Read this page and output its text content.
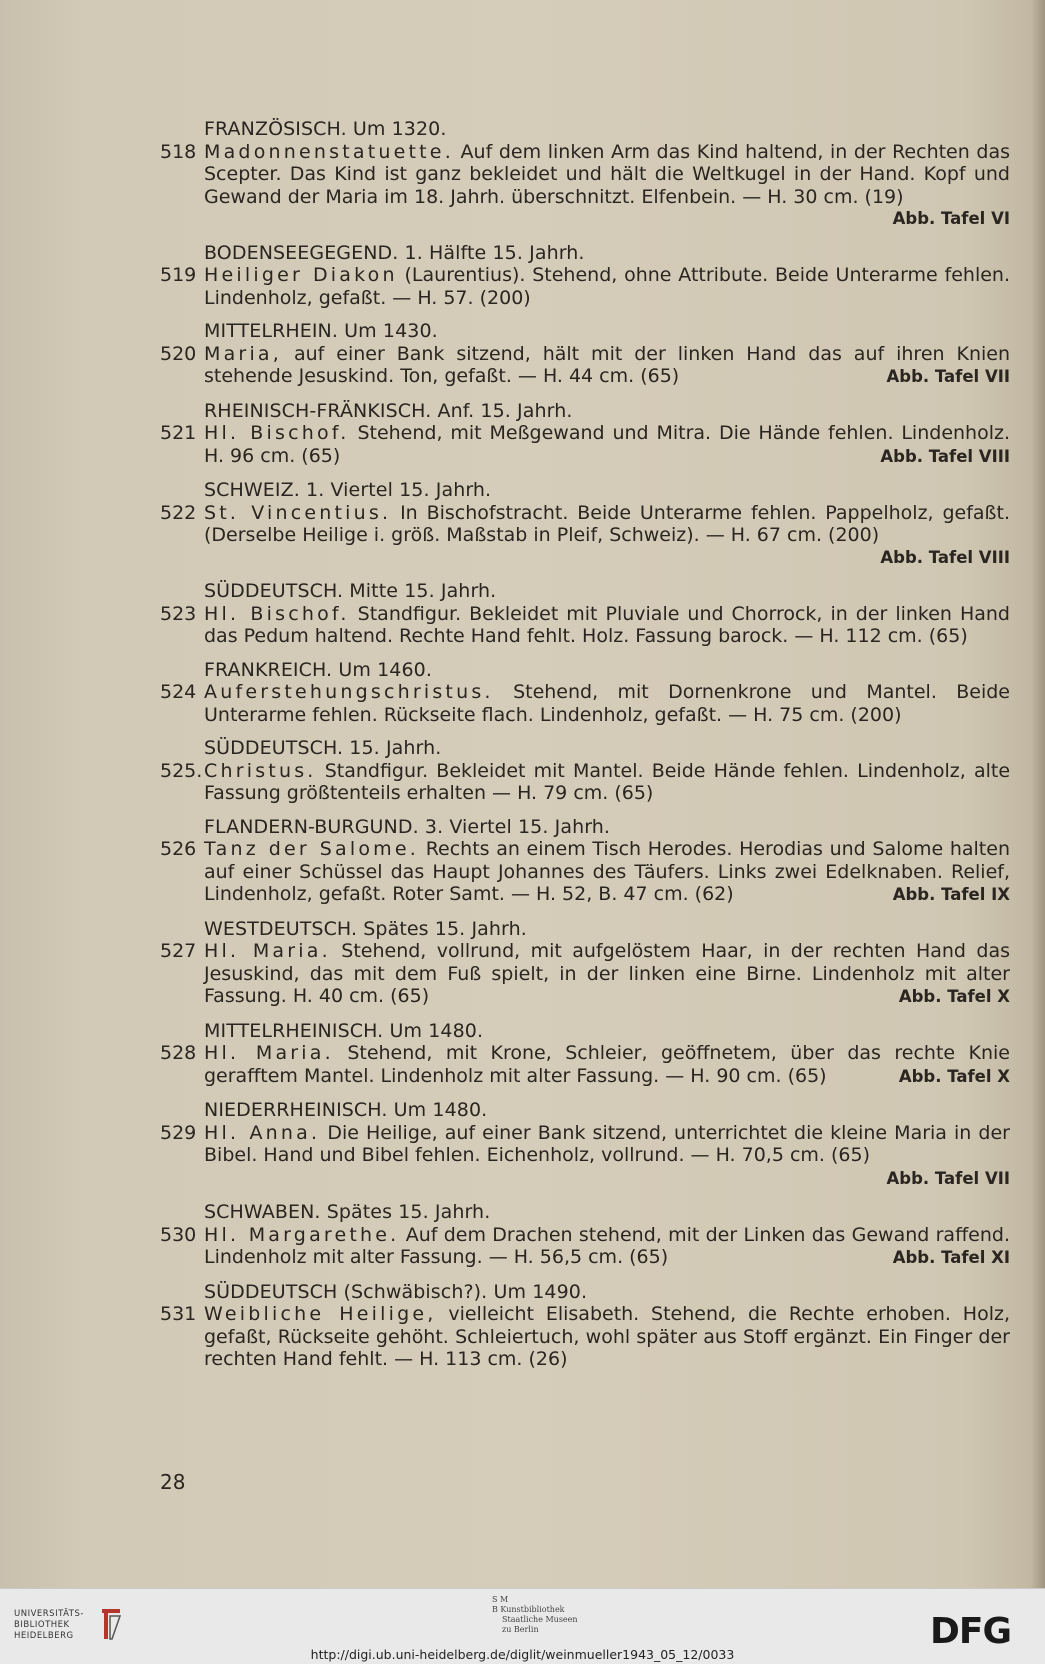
FRANZÖSISCH. Um 1320.
518 Madonnenstatuette. Auf dem linken Arm das Kind haltend, in der Rechten das Scepter. Das Kind ist ganz bekleidet und hält die Weltkugel in der Hand. Kopf und Gewand der Maria im 18. Jahrh. überschnitzt. Elfenbein. — H. 30 cm. (19)
Abb. Tafel VI
BODENSEEGEGEND. 1. Hälfte 15. Jahrh.
519 Heiliger Diakon (Laurentius). Stehend, ohne Attribute. Beide Unterarme fehlen. Lindenholz, gefaßt. — H. 57. (200)
MITTELRHEIN. Um 1430.
520 Maria, auf einer Bank sitzend, hält mit der linken Hand das auf ihren Knien stehende Jesuskind. Ton, gefaßt. — H. 44 cm. (65)	Abb. Tafel VII
RHEINISCH-FRÄNKISCH. Anf. 15. Jahrh.
521 Hl. Bischof. Stehend, mit Meßgewand und Mitra. Die Hände fehlen. Lindenholz. H. 96 cm. (65)	Abb. Tafel VIII
SCHWEIZ. 1. Viertel 15. Jahrh.
522 St. Vincentius. In Bischofstracht. Beide Unterarme fehlen. Pappelholz, gefaßt. (Derselbe Heilige i. größ. Maßstab in Pleif, Schweiz). — H. 67 cm. (200)
Abb. Tafel VIII
SÜDDEUTSCH. Mitte 15. Jahrh.
523 Hl. Bischof. Standfigur. Bekleidet mit Pluviale und Chorrock, in der linken Hand das Pedum haltend. Rechte Hand fehlt. Holz. Fassung barock. — H. 112 cm. (65)
FRANKREICH. Um 1460.
524 Auferstehungschristus. Stehend, mit Dornenkrone und Mantel. Beide Unterarme fehlen. Rückseite flach. Lindenholz, gefaßt. — H. 75 cm. (200)
SÜDDEUTSCH. 15. Jahrh.
525. Christus. Standfigur. Bekleidet mit Mantel. Beide Hände fehlen. Lindenholz, alte Fassung größtenteils erhalten — H. 79 cm. (65)
FLANDERN-BURGUND. 3. Viertel 15. Jahrh.
526 Tanz der Salome. Rechts an einem Tisch Herodes. Herodias und Salome halten auf einer Schüssel das Haupt Johannes des Täufers. Links zwei Edelknaben. Relief, Lindenholz, gefaßt. Roter Samt. — H. 52, B. 47 cm. (62)	Abb. Tafel IX
WESTDEUTSCH. Spätes 15. Jahrh.
527 Hl. Maria. Stehend, vollrund, mit aufgelöstem Haar, in der rechten Hand das Jesuskind, das mit dem Fuß spielt, in der linken eine Birne. Lindenholz mit alter Fassung. H. 40 cm. (65)	Abb. Tafel X
MITTELRHEINISCH. Um 1480.
528 Hl. Maria. Stehend, mit Krone, Schleier, geöffnetem, über das rechte Knie gerafftem Mantel. Lindenholz mit alter Fassung. — H. 90 cm. (65)	Abb. Tafel X
NIEDERRHEINISCH. Um 1480.
529 Hl. Anna. Die Heilige, auf einer Bank sitzend, unterrichtet die kleine Maria in der Bibel. Hand und Bibel fehlen. Eichenholz, vollrund. — H. 70,5 cm. (65)
Abb. Tafel VII
SCHWABEN. Spätes 15. Jahrh.
530 Hl. Margarethe. Auf dem Drachen stehend, mit der Linken das Gewand raffend. Lindenholz mit alter Fassung. — H. 56,5 cm. (65)	Abb. Tafel XI
SÜDDEUTSCH (Schwäbisch?). Um 1490.
531 Weibliche Heilige, vielleicht Elisabeth. Stehend, die Rechte erhoben. Holz, gefaßt, Rückseite gehöht. Schleiertuch, wohl später aus Stoff ergänzt. Ein Finger der rechten Hand fehlt. — H. 113 cm. (26)
28
UNIVERSITÄTS-
BIBLIOTHEK
HEIDELBERG
S M
B Kunstbibliothek
Staatliche Museen
zu Berlin	DFG
http://digi.ub.uni-heidelberg.de/diglit/weinmueller1943_05_12/0033
